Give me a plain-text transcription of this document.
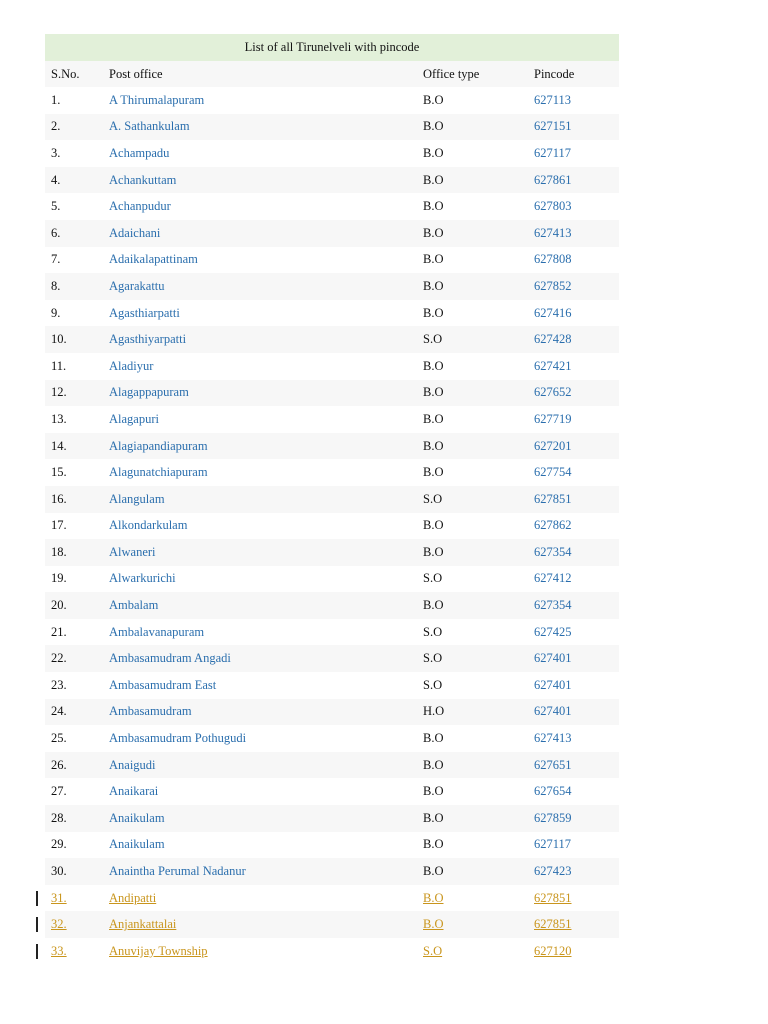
List of all Tirunelveli with pincode
S.No.	Post office	Office type	Pincode
1.	A Thirumalapuram	B.O	627113
2.	A. Sathankulam	B.O	627151
3.	Achampadu	B.O	627117
4.	Achankuttam	B.O	627861
5.	Achanpudur	B.O	627803
6.	Adaichani	B.O	627413
7.	Adaikalapattinam	B.O	627808
8.	Agarakattu	B.O	627852
9.	Agasthiarpatti	B.O	627416
10.	Agasthiyarpatti	S.O	627428
11.	Aladiyur	B.O	627421
12.	Alagappapuram	B.O	627652
13.	Alagapuri	B.O	627719
14.	Alagiapandiapuram	B.O	627201
15.	Alagunatchiapuram	B.O	627754
16.	Alangulam	S.O	627851
17.	Alkondarkulam	B.O	627862
18.	Alwaneri	B.O	627354
19.	Alwarkurichi	S.O	627412
20.	Ambalam	B.O	627354
21.	Ambalavanapuram	S.O	627425
22.	Ambasamudram Angadi	S.O	627401
23.	Ambasamudram East	S.O	627401
24.	Ambasamudram	H.O	627401
25.	Ambasamudram Pothugudi	B.O	627413
26.	Anaigudi	B.O	627651
27.	Anaikarai	B.O	627654
28.	Anaikulam	B.O	627859
29.	Anaikulam	B.O	627117
30.	Anaintha Perumal Nadanur	B.O	627423
31.	Andipatti	B.O	627851
32.	Anjankattalai	B.O	627851
33.	Anuvijay Township	S.O	627120
